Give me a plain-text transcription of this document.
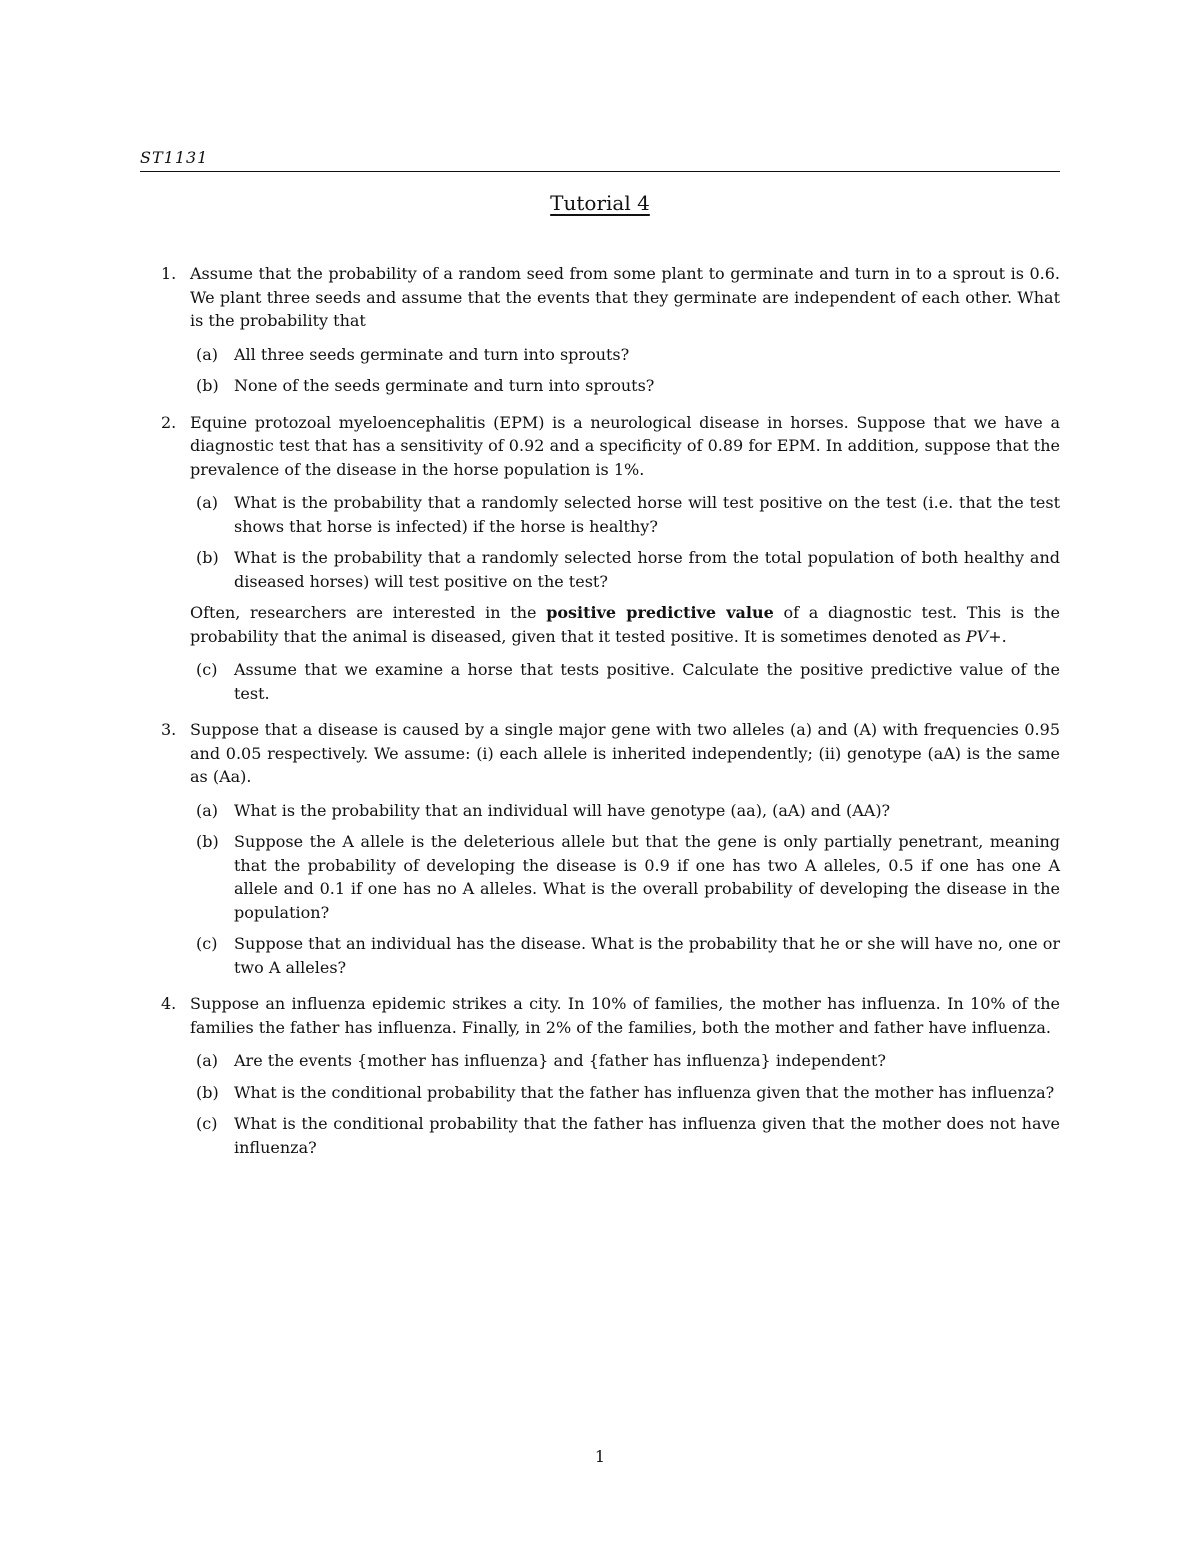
ST1131
Tutorial 4
1. Assume that the probability of a random seed from some plant to germinate and turn in to a sprout is 0.6. We plant three seeds and assume that the events that they germinate are independent of each other. What is the probability that

(a) All three seeds germinate and turn into sprouts?
(b) None of the seeds germinate and turn into sprouts?
2. Equine protozoal myeloencephalitis (EPM) is a neurological disease in horses. Suppose that we have a diagnostic test that has a sensitivity of 0.92 and a specificity of 0.89 for EPM. In addition, suppose that the prevalence of the disease in the horse population is 1%.

(a) What is the probability that a randomly selected horse will test positive on the test (i.e. that the test shows that horse is infected) if the horse is healthy?
(b) What is the probability that a randomly selected horse from the total population of both healthy and diseased horses) will test positive on the test?

Often, researchers are interested in the positive predictive value of a diagnostic test. This is the probability that the animal is diseased, given that it tested positive. It is sometimes denoted as PV+.

(c) Assume that we examine a horse that tests positive. Calculate the positive predictive value of the test.
3. Suppose that a disease is caused by a single major gene with two alleles (a) and (A) with frequencies 0.95 and 0.05 respectively. We assume: (i) each allele is inherited independently; (ii) genotype (aA) is the same as (Aa).

(a) What is the probability that an individual will have genotype (aa), (aA) and (AA)?
(b) Suppose the A allele is the deleterious allele but that the gene is only partially penetrant, meaning that the probability of developing the disease is 0.9 if one has two A alleles, 0.5 if one has one A allele and 0.1 if one has no A alleles. What is the overall probability of developing the disease in the population?
(c) Suppose that an individual has the disease. What is the probability that he or she will have no, one or two A alleles?
4. Suppose an influenza epidemic strikes a city. In 10% of families, the mother has influenza. In 10% of the families the father has influenza. Finally, in 2% of the families, both the mother and father have influenza.

(a) Are the events {mother has influenza} and {father has influenza} independent?
(b) What is the conditional probability that the father has influenza given that the mother has influenza?
(c) What is the conditional probability that the father has influenza given that the mother does not have influenza?
1
